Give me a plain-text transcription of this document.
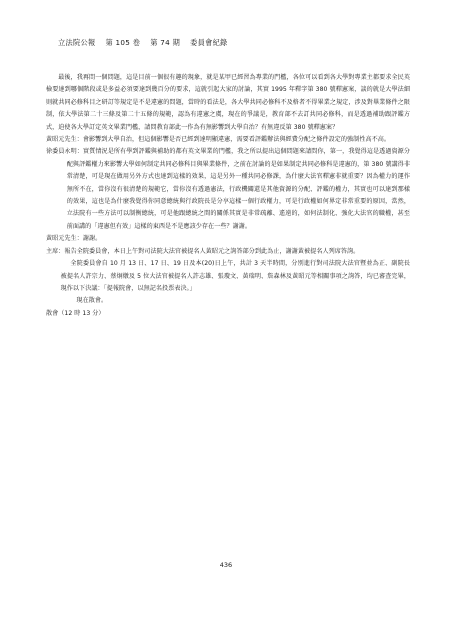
立法院公報 第 105 卷 第 74 期 委員會紀錄

最後，我再問一個問題，這是目前一個很有趣的現象，就是某甲已經習為專業的門檻，各位可以看到各大學對專業主都要求全民英檢要達到哪個階段或是多益必須要達到幾百分的要求，這就引起大家的討論，其實 1995 年釋字第 380 號釋憲案，談的就是大學法細則就共同必修科目之研訂等規定是不是違憲的問題，當時的看法是，各大學共同必修科不及格者不得畢業之規定，涉及對畢業條件之限制，依大學法第二十三條及第二十五條的規範，認為有違憲之虞，現在的爭議是，教育部不去訂共同必修科，而是透過補助跟評鑑方式，迫使各大學訂定英文畢業門檻，請問教育部此一作為有無影響到大學自治？有無違反第 380 號釋憲案？

黃昭元先生：會影響到大學自治，但這個影響是否已經到達明顯違憲，需要看評鑑辦法與經費分配之條件設定的強制性高不高。

徐委員永明：實質情況是所有學到評鑑與補助的都有英文畢業的門檻，我之所以提出這個問題來請問你，第一，我覺得這是透過資源分配與評鑑權力來影響大學如何制定共同必修科目與畢業條件，之前在討論的是如果制定共同必修科是違憲的，第 380 號講得非常清楚，可是現在做用另外方式也達到這樣的效果，這是另外一種共同必修課，為什麼大法官釋憲非就重要？因為權力的運作無所不在，當你沒有很清楚的規範它，當你沒有透過憲法，行政機關還是其他資源的分配、評鑑的權力，其實也可以達到那樣的效果，這也是為什麼我覺得你同意總統與行政院長是分享這樣一個行政權力，可是行政權如何界定非常重要的原因，當然，立法院有一些方法可以制衡總統，可是他跟總統之間的關係其實是非常疏離、遙遠的，如何法制化、強化大法官的職權，甚至前面講的「違憲但有效」這樣的東西是不是應該少存在一些？謝謝。

黃昭元先生：謝謝。

主席：報告全院委員會，本日上午對司法院大法官被提名人黃昭元之詢答部分到此為止，謝謝黃被提名人列席答詢。

全院委員會自 10 月 13 日、17 日、19 日及本(20)日上午，共計 3 天半時間，分別進行對司法院大法官暨並為正、副院長被提名人許宗力、蔡炯燉及 5 位大法官被提名人許志雄、張瓊文、黃瑞明、詹森林及黃昭元等相關事項之詢答，均已審查完畢，現作以下決議：「提報院會，以無記名投票表決。」

現在散會。

散會（12 時 13 分）

436
